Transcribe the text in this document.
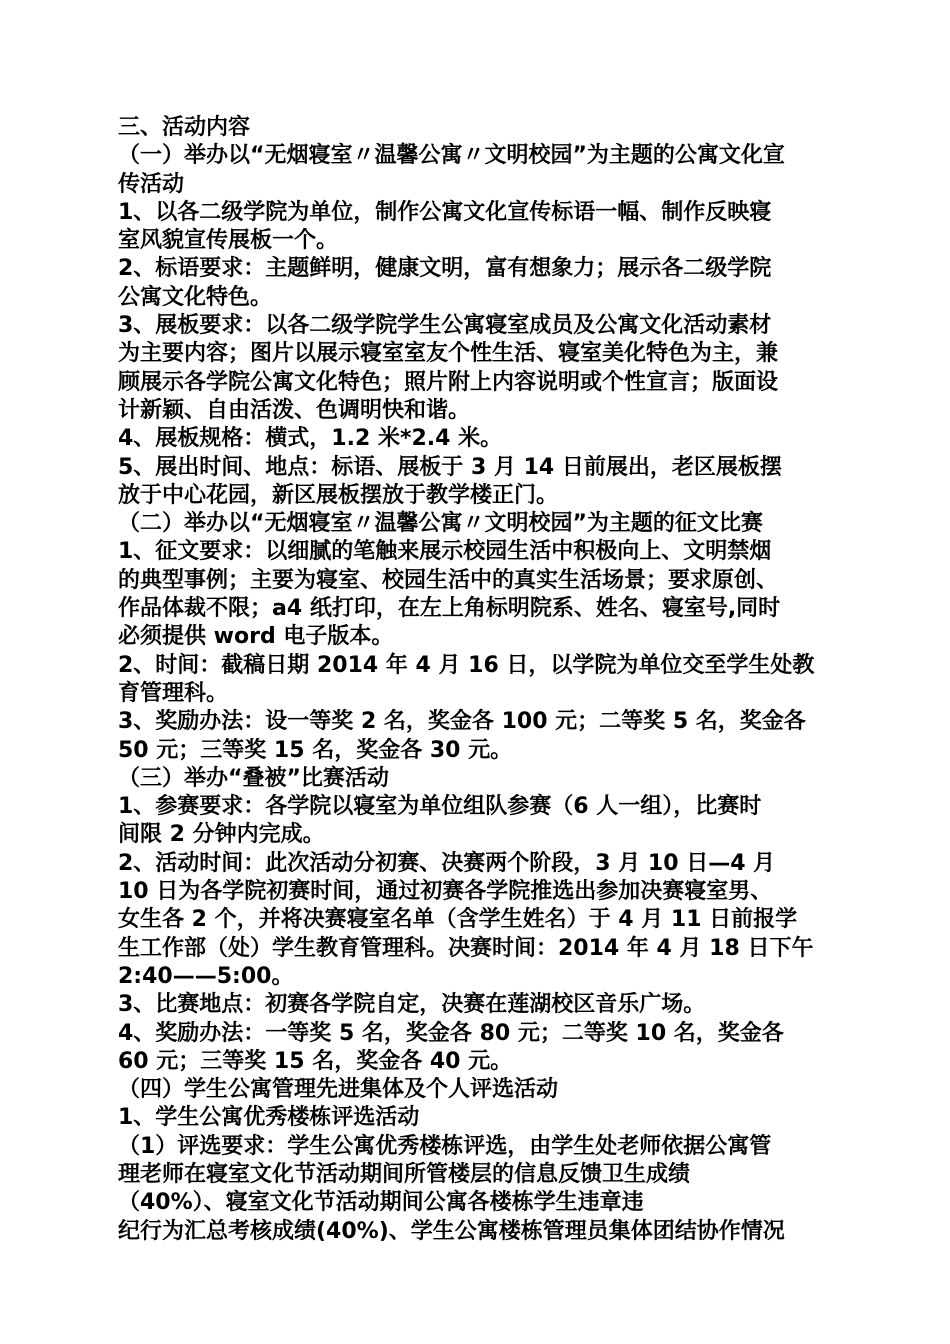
三、活动内容
（一）举办以“无烟寝室〃温馨公寓〃文明校园”为主题的公寓文化宣
传活动
1、以各二级学院为单位，制作公寓文化宣传标语一幅、制作反映寝
室风貌宣传展板一个。
2、标语要求：主题鲜明，健康文明，富有想象力；展示各二级学院
公寓文化特色。
3、展板要求：以各二级学院学生公寓寝室成员及公寓文化活动素材
为主要内容；图片以展示寝室室友个性生活、寝室美化特色为主，兼
顾展示各学院公寓文化特色；照片附上内容说明或个性宣言；版面设
计新颖、自由活泼、色调明快和谐。
4、展板规格：横式，1.2 米*2.4 米。
5、展出时间、地点：标语、展板于 3 月 14 日前展出，老区展板摆
放于中心花园，新区展板摆放于教学楼正门。
（二）举办以“无烟寝室〃温馨公寓〃文明校园”为主题的征文比赛
1、征文要求：以细腻的笔触来展示校园生活中积极向上、文明禁烟
的典型事例；主要为寝室、校园生活中的真实生活场景；要求原创、
作品体裁不限；a4 纸打印，在左上角标明院系、姓名、寝室号,同时
必须提供 word 电子版本。
2、时间：截稿日期 2014 年 4 月 16 日，以学院为单位交至学生处教
育管理科。
3、奖励办法：设一等奖 2 名，奖金各 100 元；二等奖 5 名，奖金各
50 元；三等奖 15 名，奖金各 30 元。
（三）举办“叠被”比赛活动
1、参赛要求：各学院以寝室为单位组队参赛（6 人一组），比赛时
间限 2 分钟内完成。
2、活动时间：此次活动分初赛、决赛两个阶段，3 月 10 日—4 月
10 日为各学院初赛时间，通过初赛各学院推选出参加决赛寝室男、
女生各 2 个，并将决赛寝室名单（含学生姓名）于 4 月 11 日前报学
生工作部（处）学生教育管理科。决赛时间：2014 年 4 月 18 日下午
2:40——5:00。
3、比赛地点：初赛各学院自定，决赛在莲湖校区音乐广场。
4、奖励办法：一等奖 5 名，奖金各 80 元；二等奖 10 名，奖金各
60 元；三等奖 15 名，奖金各 40 元。
（四）学生公寓管理先进集体及个人评选活动
1、学生公寓优秀楼栋评选活动
（1）评选要求：学生公寓优秀楼栋评选，由学生处老师依据公寓管
理老师在寝室文化节活动期间所管楼层的信息反馈卫生成绩
（40%）、寝室文化节活动期间公寓各楼栋学生违章违
纪行为汇总考核成绩(40%)、学生公寓楼栋管理员集体团结协作情况
